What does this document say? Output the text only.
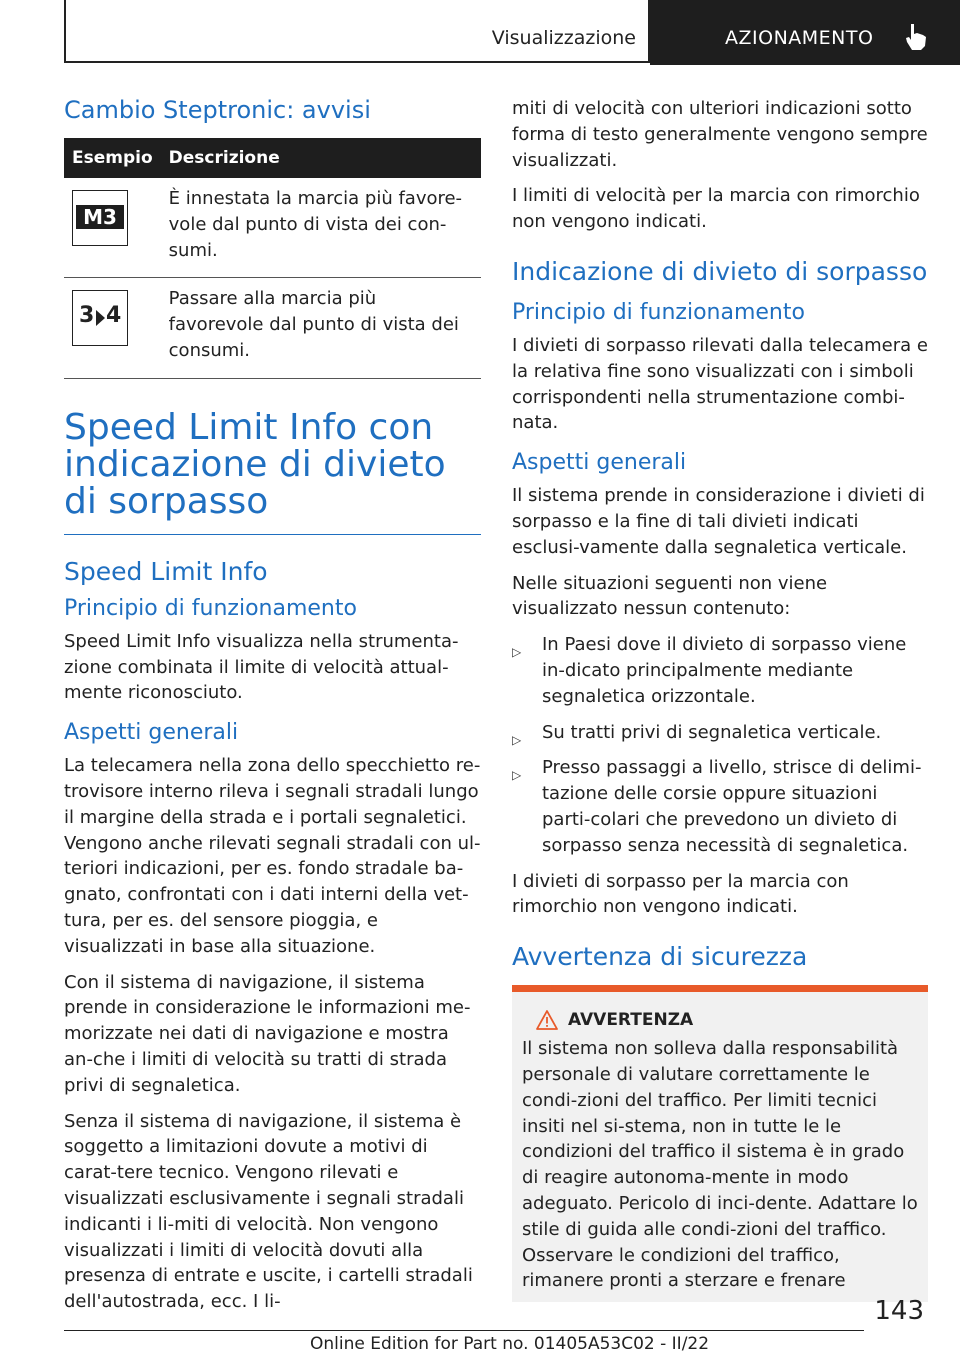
Visualizzazione	AZIONAMENTO
Cambio Steptronic: avvisi
Esempio	Descrizione

M3	È innestata la marcia più favore-vole dal punto di vista dei con-sumi.

3 4	Passare alla marcia più favorevole dal punto di vista dei consumi.
Speed Limit Info con indicazione di divieto di sorpasso
Speed Limit Info
Principio di funzionamento

Speed Limit Info visualizza nella strumenta-zione combinata il limite di velocità attual-mente riconosciuto.

Aspetti generali

La telecamera nella zona dello specchietto re-trovisore interno rileva i segnali stradali lungo il margine della strada e i portali segnaletici. Vengono anche rilevati segnali stradali con ul-teriori indicazioni, per es. fondo stradale ba-gnato, confrontati con i dati interni della vet-tura, per es. del sensore pioggia, e visualizzati in base alla situazione.

Con il sistema di navigazione, il sistema prende in considerazione le informazioni me-morizzate nei dati di navigazione e mostra an-che i limiti di velocità su tratti di strada privi di segnaletica.

Senza il sistema di navigazione, il sistema è soggetto a limitazioni dovute a motivi di carat-tere tecnico. Vengono rilevati e visualizzati esclusivamente i segnali stradali indicanti i li-miti di velocità. Non vengono visualizzati i limiti di velocità dovuti alla presenza di entrate e uscite, i cartelli stradali dell'autostrada, ecc. I li-

miti di velocità con ulteriori indicazioni sotto forma di testo generalmente vengono sempre visualizzati.

I limiti di velocità per la marcia con rimorchio non vengono indicati.

Indicazione di divieto di sorpasso
Principio di funzionamento

I divieti di sorpasso rilevati dalla telecamera e la relativa fine sono visualizzati con i simboli corrispondenti nella strumentazione combi-nata.

Aspetti generali

Il sistema prende in considerazione i divieti di sorpasso e la fine di tali divieti indicati esclusi-vamente dalla segnaletica verticale.

Nelle situazioni seguenti non viene visualizzato nessun contenuto:

▷ In Paesi dove il divieto di sorpasso viene in-dicato principalmente mediante segnaletica orizzontale.
▷ Su tratti privi di segnaletica verticale.
▷ Presso passaggi a livello, strisce di delimi-tazione delle corsie oppure situazioni parti-colari che prevedono un divieto di sorpasso senza necessità di segnaletica.

I divieti di sorpasso per la marcia con rimorchio non vengono indicati.

Avvertenza di sicurezza
AVVERTENZA

Il sistema non solleva dalla responsabilità personale di valutare correttamente le condi-zioni del traffico. Per limiti tecnici insiti nel si-stema, non in tutte le le condizioni del traffico il sistema è in grado di reagire autonoma-mente in modo adeguato. Pericolo di inci-dente. Adattare lo stile di guida alle condi-zioni del traffico. Osservare le condizioni del traffico, rimanere pronti a sterzare e frenare

143
Online Edition for Part no. 01405A53C02 - II/22
